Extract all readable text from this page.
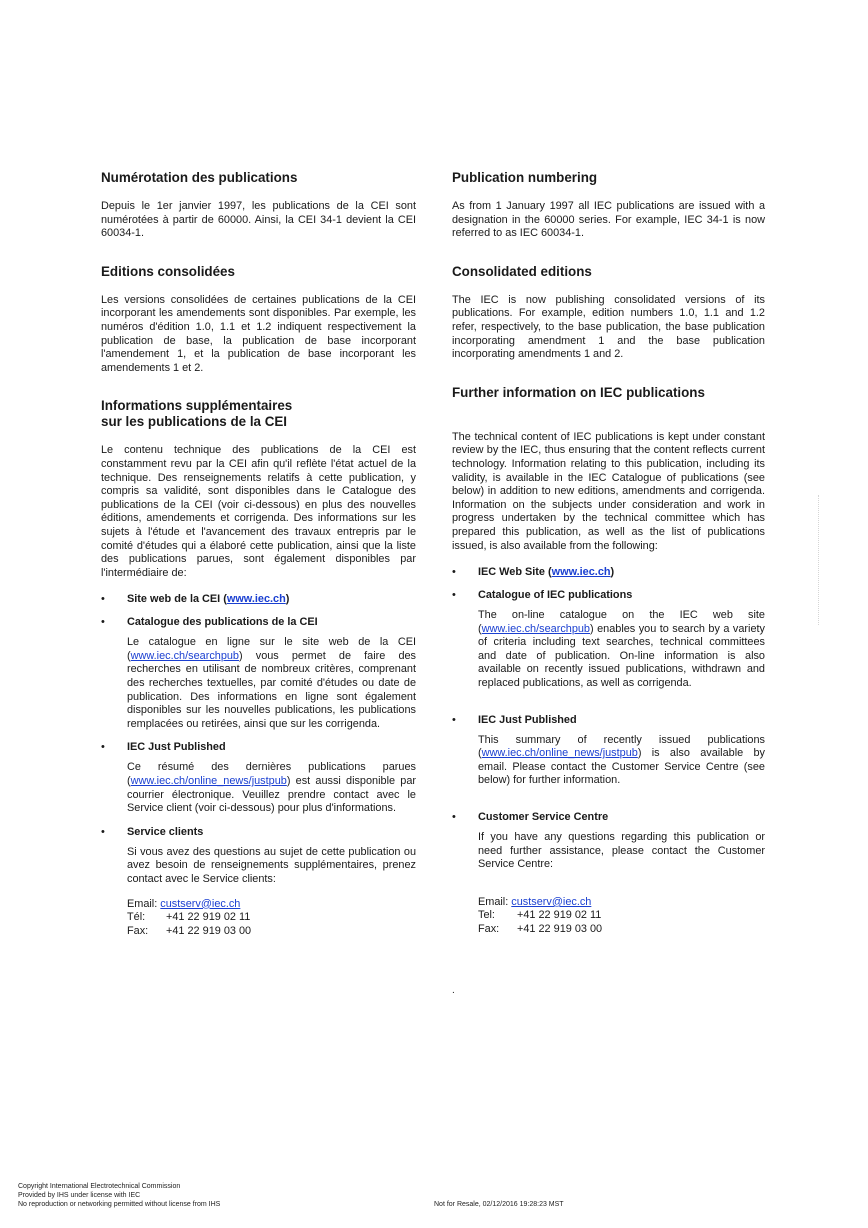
Numérotation des publications

Depuis le 1er janvier 1997, les publications de la CEI sont numérotées à partir de 60000. Ainsi, la CEI 34-1 devient la CEI 60034-1.

Editions consolidées

Les versions consolidées de certaines publications de la CEI incorporant les amendements sont disponibles. Par exemple, les numéros d'édition 1.0, 1.1 et 1.2 indiquent respectivement la publication de base, la publication de base incorporant l'amendement 1, et la publication de base incorporant les amendements 1 et 2.

Informations supplémentaires
sur les publications de la CEI

Le contenu technique des publications de la CEI est constamment revu par la CEI afin qu'il reflète l'état actuel de la technique. Des renseignements relatifs à cette publication, y compris sa validité, sont disponibles dans le Catalogue des publications de la CEI (voir ci-dessous) en plus des nouvelles éditions, amendements et corrigenda. Des informations sur les sujets à l'étude et l'avancement des travaux entrepris par le comité d'études qui a élaboré cette publication, ainsi que la liste des publications parues, sont également disponibles par l'intermédiaire de:

• Site web de la CEI (www.iec.ch)
• Catalogue des publications de la CEI

Le catalogue en ligne sur le site web de la CEI (www.iec.ch/searchpub) vous permet de faire des recherches en utilisant de nombreux critères, comprenant des recherches textuelles, par comité d'études ou date de publication. Des informations en ligne sont également disponibles sur les nouvelles publications, les publications remplacées ou retirées, ainsi que sur les corrigenda.

• IEC Just Published

Ce résumé des dernières publications parues (www.iec.ch/online_news/justpub) est aussi disponible par courrier électronique. Veuillez prendre contact avec le Service client (voir ci-dessous) pour plus d'informations.

• Service clients

Si vous avez des questions au sujet de cette publication ou avez besoin de renseignements supplémentaires, prenez contact avec le Service clients:

Email: custserv@iec.ch
Tél:	+41 22 919 02 11
Fax:	+41 22 919 03 00
Publication numbering

As from 1 January 1997 all IEC publications are issued with a designation in the 60000 series. For example, IEC 34-1 is now referred to as IEC 60034-1.

Consolidated editions

The IEC is now publishing consolidated versions of its publications. For example, edition numbers 1.0, 1.1 and 1.2 refer, respectively, to the base publication, the base publication incorporating amendment 1 and the base publication incorporating amendments 1 and 2.

Further information on IEC publications

The technical content of IEC publications is kept under constant review by the IEC, thus ensuring that the content reflects current technology. Information relating to this publication, including its validity, is available in the IEC Catalogue of publications (see below) in addition to new editions, amendments and corrigenda. Information on the subjects under consideration and work in progress undertaken by the technical committee which has prepared this publication, as well as the list of publications issued, is also available from the following:

• IEC Web Site (www.iec.ch)
• Catalogue of IEC publications

The on-line catalogue on the IEC web site (www.iec.ch/searchpub) enables you to search by a variety of criteria including text searches, technical committees and date of publication. On-line information is also available on recently issued publications, withdrawn and replaced publications, as well as corrigenda.

• IEC Just Published

This summary of recently issued publications (www.iec.ch/online_news/justpub) is also available by email. Please contact the Customer Service Centre (see below) for further information.

• Customer Service Centre

If you have any questions regarding this publication or need further assistance, please contact the Customer Service Centre:

Email: custserv@iec.ch
Tel:	+41 22 919 02 11
Fax:	+41 22 919 03 00
.
Copyright International Electrotechnical Commission
Provided by IHS under license with IEC
No reproduction or networking permitted without license from IHS	Not for Resale, 02/12/2016 19:28:23 MST
